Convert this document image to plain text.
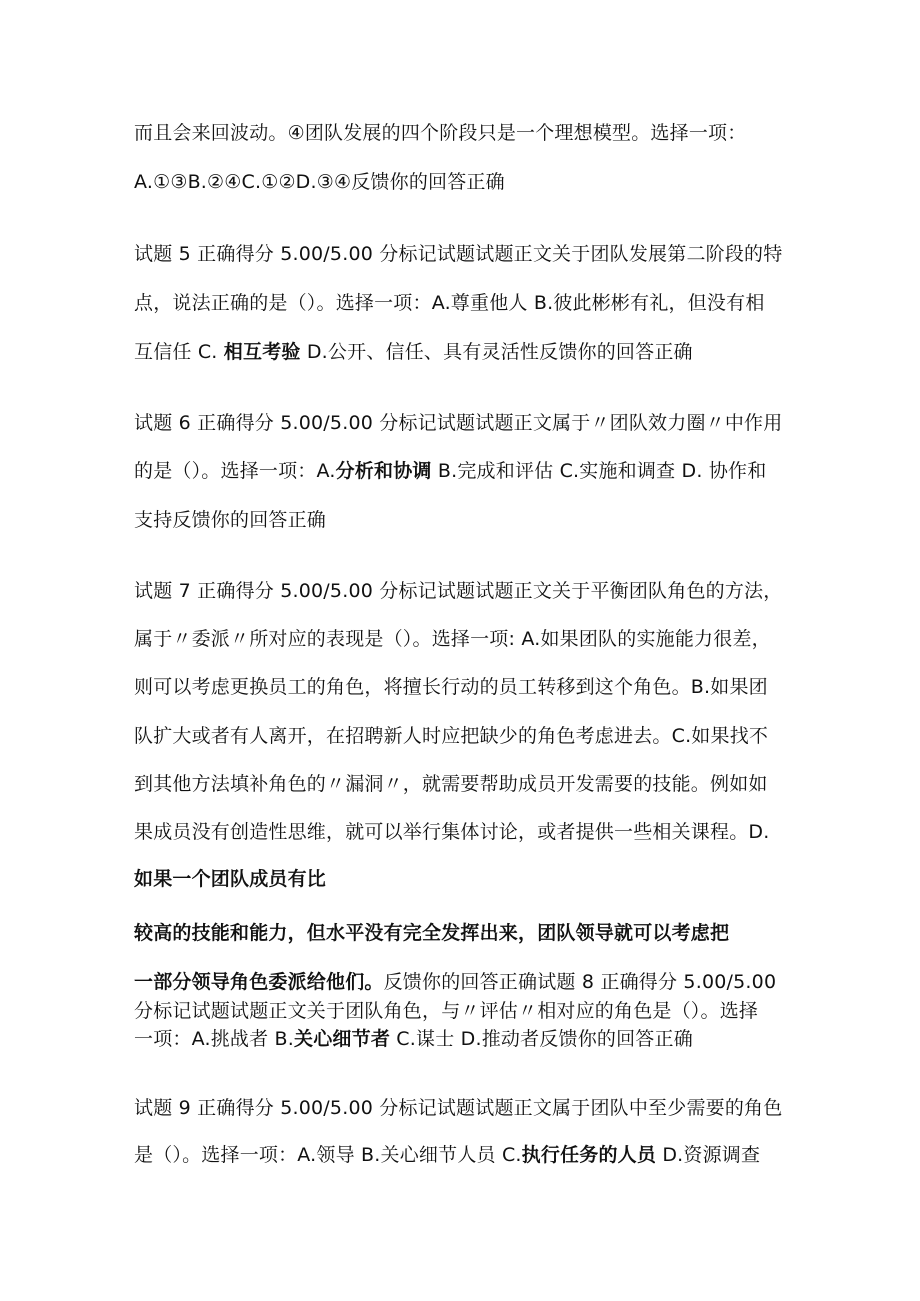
而且会来回波动。④团队发展的四个阶段只是一个理想模型。选择一项：
A.①③B.②④C.①②D.③④反馈你的回答正确
试题 5 正确得分 5.00/5.00 分标记试题试题正文关于团队发展第二阶段的特
点，说法正确的是（）。选择一项：A.尊重他人 B.彼此彬彬有礼，但没有相
互信任 C. 相互考验 D.公开、信任、具有灵活性反馈你的回答正确
试题 6 正确得分 5.00/5.00 分标记试题试题正文属于〃团队效力圈〃中作用
的是（）。选择一项：A.分析和协调 B.完成和评估 C.实施和调查 D. 协作和
支持反馈你的回答正确
试题 7 正确得分 5.00/5.00 分标记试题试题正文关于平衡团队角色的方法，
属于〃委派〃所对应的表现是（）。选择一项: A.如果团队的实施能力很差，
则可以考虑更换员工的角色，将擅长行动的员工转移到这个角色。B.如果团
队扩大或者有人离开，在招聘新人时应把缺少的角色考虑进去。C.如果找不
到其他方法填补角色的〃漏洞〃，就需要帮助成员开发需要的技能。例如如
果成员没有创造性思维，就可以举行集体讨论，或者提供一些相关课程。D.
如果一个团队成员有比
较高的技能和能力，但水平没有完全发挥出来，团队领导就可以考虑把
一部分领导角色委派给他们。反馈你的回答正确试题 8 正确得分 5.00/5.00
分标记试题试题正文关于团队角色，与〃评估〃相对应的角色是（）。选择
一项：A.挑战者 B.关心细节者 C.谋士 D.推动者反馈你的回答正确
试题 9 正确得分 5.00/5.00 分标记试题试题正文属于团队中至少需要的角色
是（）。选择一项：A.领导 B.关心细节人员 C.执行任务的人员 D.资源调查
